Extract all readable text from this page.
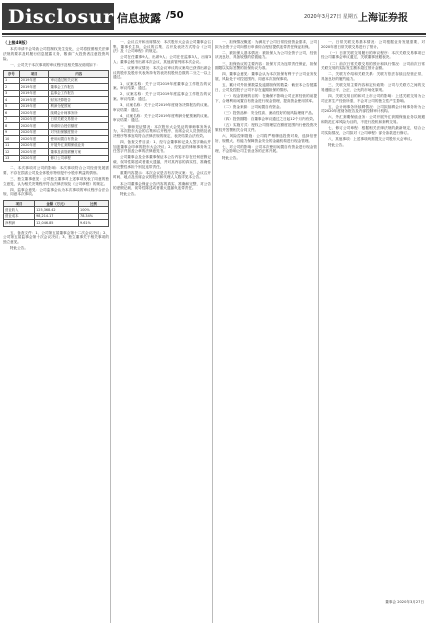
Disclosure
信息披露 /50	2020年3月27日 星期五 上海证券报
（上接49版）

本次申请不会导致公司控制权发生变化，公司将按照相关法律法规的要求及时履行信息披露义务，敬请广大投资者注意投资风险。

一、公司关于本次事项的审议程序及相关情况说明如下：

序号	项目	内容
1	2019年度	审议通过相关议案
2	2019年度	董事会工作报告
3	2019年度	监事会工作报告
4	2019年度	财务决算报告
5	2019年度	利润分配预案
6	2020年度	续聘会计师事务所
7	2020年度	日常关联交易预计
8	2020年度	申请综合授信额度
9	2020年度	对外担保额度预计
10	2020年度	使用闲置自有资金
11	2020年度	开展外汇套期保值业务
12	2020年度	董事及高管薪酬方案
13	2020年度	修订公司章程

二、本次事项对公司的影响：本次事项符合公司经营发展需要，不存在损害公司及全体股东特别是中小股东利益的情形。

三、独立董事意见：公司独立董事对上述事项发表了同意的独立意见，认为相关决策程序符合法律法规及《公司章程》的规定。

四、监事会意见：公司监事会认为本次事项的审议程序合法合规，同意本次事项。

项目	金额（万元）	比例
营业收入	125,368.42	100%
营业成本	98,214.17	78.34%
净利润	12,046.85	9.61%

五、备查文件：1、公司第五届董事会第十二次会议决议；2、公司第五届监事会第十次会议决议；3、独立董事关于相关事项的独立意见。

特此公告。

一、会议召开和出席情况：本次股东大会由公司董事会召集，董事长主持，会议的召集、召开及表决方式符合《公司法》及《公司章程》的规定。

公司在任董事9人，出席9人；公司在任监事3人，出席3人；董事会秘书出席本次会议，其他高管列席本次会议。

二、议案审议情况：本次会议审议的议案均已获得出席会议的股东及股东代表所持有效表决权股份总数的二分之一以上通过。

1、议案名称：关于公司2019年度董事会工作报告的议案。审议结果：通过。

2、议案名称：关于公司2019年度监事会工作报告的议案。审议结果：通过。

3、议案名称：关于公司2019年度财务决算报告的议案。审议结果：通过。

4、议案名称：关于公司2019年度利润分配预案的议案。审议结果：通过。

三、律师见证情况：本次股东大会见证的律师事务所认为，本次股东大会的召集和召开程序、出席会议人员资格及表决程序等事宜均符合法律法规的规定，表决结果合法有效。

四、备查文件目录：1、经与会董事和记录人签字确认并加盖董事会印章的股东大会决议；2、经见证的律师事务所主任签字并加盖公章的法律意见书。

公司董事会及全体董事保证本公告内容不存在任何虚假记载、误导性陈述或者重大遗漏，并对其内容的真实性、准确性和完整性承担个别及连带责任。

重要内容提示：本次会议是否有否决议案：无。会议召开时间、地点及出席会议的股东和代理人人数详见本公告。

本公司董事会保证公告内容的真实、准确和完整，对公告的虚假记载、误导性陈述或者重大遗漏负连带责任。

特此公告。

一、担保情况概述：为满足子公司日常经营资金需求，公司拟为全资子公司向银行申请综合授信提供连带责任保证担保。

二、被担保人基本情况：被担保人为公司全资子公司，经营状况良好，具备较强的偿债能力。

三、担保协议的主要内容：担保方式为连带责任保证，担保期限以实际签署的担保协议为准。

四、董事会意见：董事会认为本次担保有利于子公司业务发展，风险处于可控范围内，同意本次担保事项。

五、累计对外担保数量及逾期担保的数量：截至本公告披露日，公司及控股子公司不存在逾期担保的情形。

（一）现金管理的目的：在确保不影响公司正常经营的前提下，合理利用闲置自有资金进行现金管理，提高资金使用效率。

（二）资金来源：公司闲置自有资金。

（三）投资品种：安全性高、流动性好的低风险理财产品。

（四）投资期限：自董事会审议通过之日起12个月内有效。

（五）实施方式：授权公司管理层在额度范围内行使投资决策权并签署相关合同文件。

六、风险控制措施：公司将严格筛选投资对象，选择信誉好、规模大、有能力保障资金安全的金融机构进行现金管理。

七、对公司的影响：公司本次使用闲置自有资金进行现金管理，不会影响公司主营业务的正常开展。

特此公告。

一、日常关联交易基本情况：公司根据业务发展需要，对2020年度日常关联交易进行了预计。

（一）日常关联交易履行的审议程序：本次关联交易事项已经公司董事会审议通过，关联董事回避表决。

（二）前次日常关联交易的预计和执行情况：公司前次日常关联交易的实际发生额未超过预计金额。

二、关联方介绍和关联关系：关联方依法存续且经营正常，具备良好的履约能力。

三、关联交易主要内容和定价政策：公司与关联方之间的交易遵循公平、公正、公允的市场化原则。

四、关联交易目的和对上市公司的影响：上述关联交易为公司正常生产经营所需，不会对公司的独立性产生影响。

五、会计师事务所续聘情况：公司拟续聘会计师事务所为公司2020年度财务报告及内部控制审计机构。

六、外汇套期保值业务：公司开展外汇套期保值业务以规避和防范汇率风险为目的，不进行投机和套利交易。

七、修订公司章程：根据相关法律法规的最新规定，结合公司实际情况，公司拟对《公司章程》部分条款进行修订。

八、其他事项：上述事项尚需提交公司股东大会审议。

特此公告。

董事会 2020年3月27日
